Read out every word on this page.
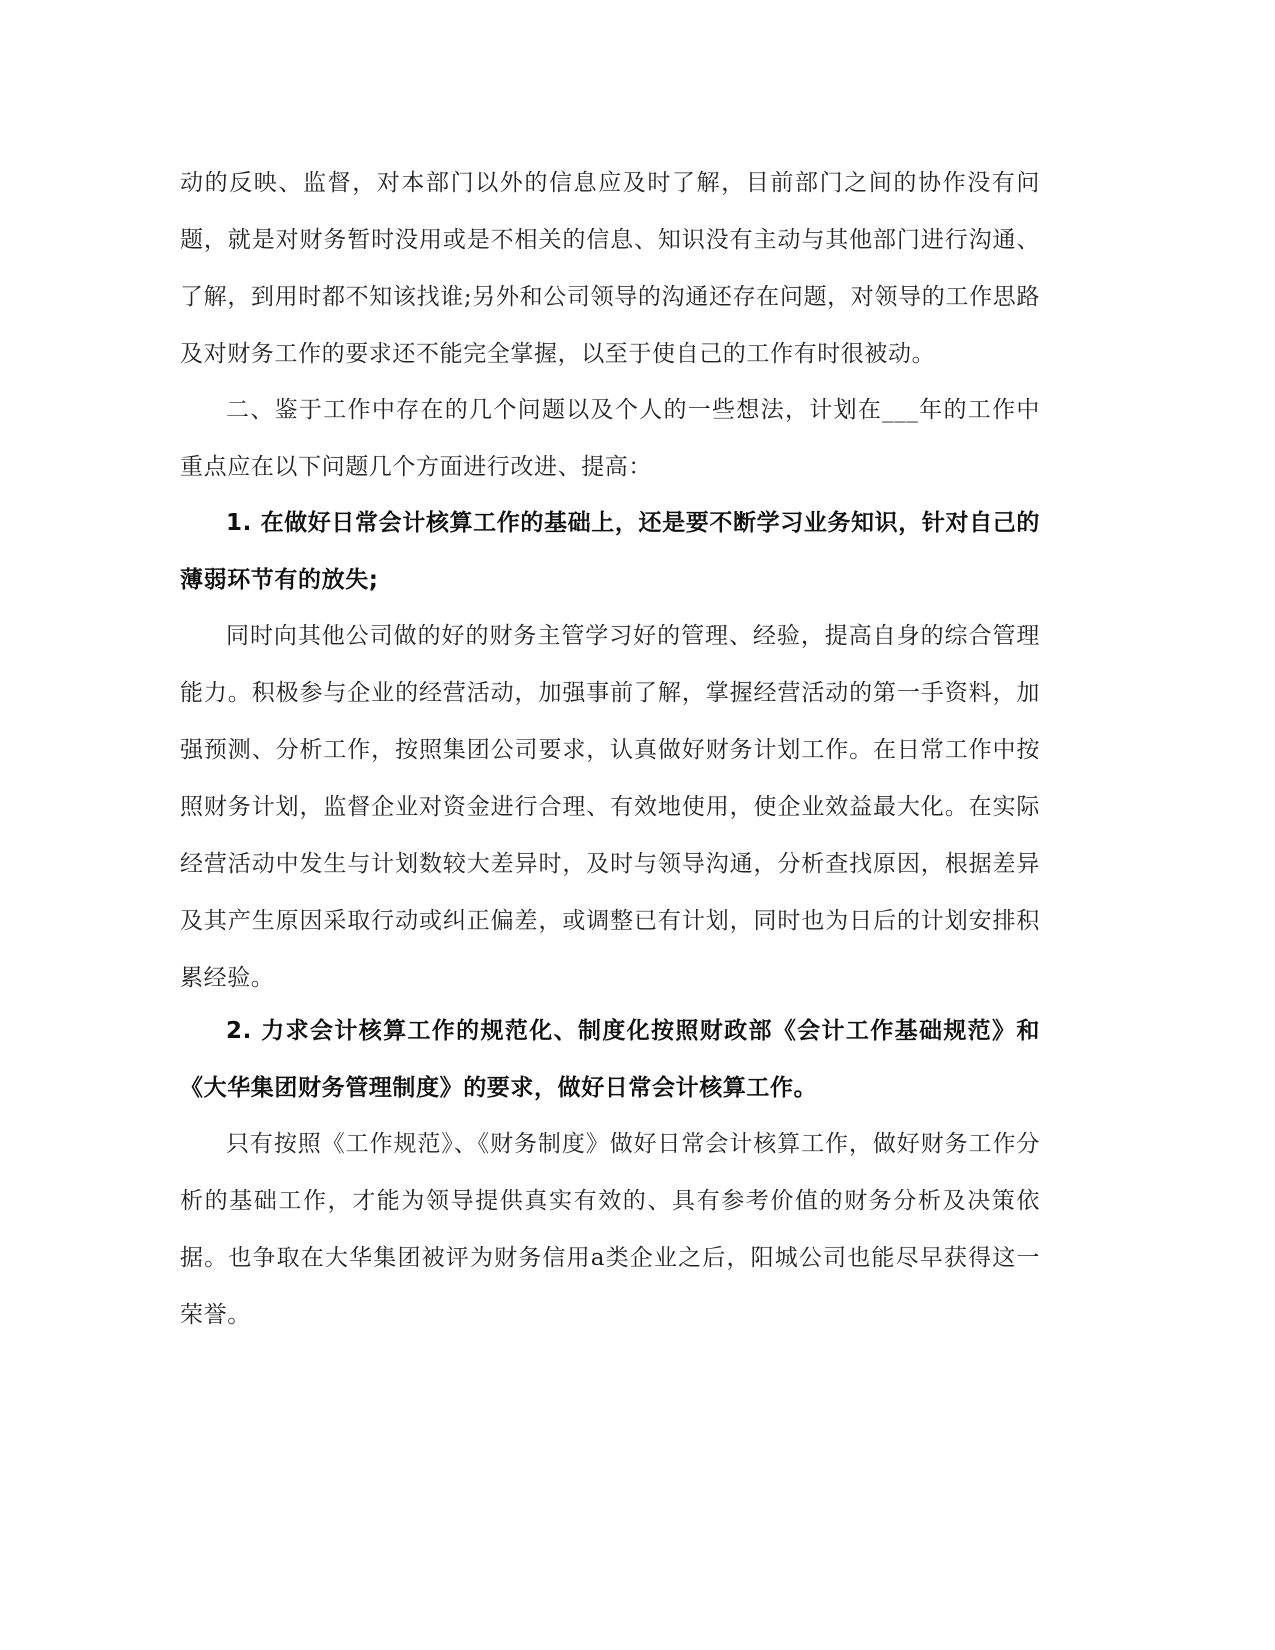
动的反映、监督，对本部门以外的信息应及时了解，目前部门之间的协作没有问题，就是对财务暂时没用或是不相关的信息、知识没有主动与其他部门进行沟通、了解，到用时都不知该找谁;另外和公司领导的沟通还存在问题，对领导的工作思路及对财务工作的要求还不能完全掌握，以至于使自己的工作有时很被动。

二、鉴于工作中存在的几个问题以及个人的一些想法，计划在___年的工作中重点应在以下问题几个方面进行改进、提高：

1. 在做好日常会计核算工作的基础上，还是要不断学习业务知识，针对自己的薄弱环节有的放失;

同时向其他公司做的好的财务主管学习好的管理、经验，提高自身的综合管理能力。积极参与企业的经营活动，加强事前了解，掌握经营活动的第一手资料，加强预测、分析工作，按照集团公司要求，认真做好财务计划工作。在日常工作中按照财务计划，监督企业对资金进行合理、有效地使用，使企业效益最大化。在实际经营活动中发生与计划数较大差异时，及时与领导沟通，分析查找原因，根据差异及其产生原因采取行动或纠正偏差，或调整已有计划，同时也为日后的计划安排积累经验。

2. 力求会计核算工作的规范化、制度化按照财政部《会计工作基础规范》和《大华集团财务管理制度》的要求，做好日常会计核算工作。

只有按照《工作规范》、《财务制度》做好日常会计核算工作，做好财务工作分析的基础工作，才能为领导提供真实有效的、具有参考价值的财务分析及决策依据。也争取在大华集团被评为财务信用a类企业之后，阳城公司也能尽早获得这一荣誉。
